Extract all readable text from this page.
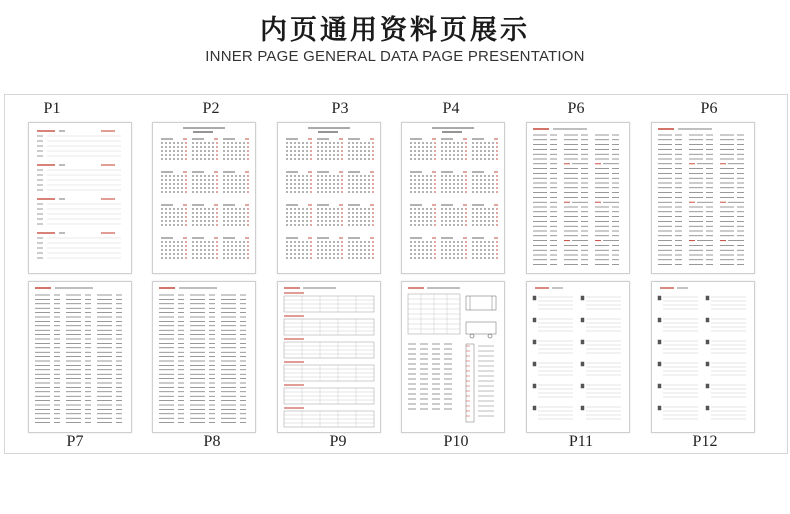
内页通用资料页展示
INNER PAGE GENERAL DATA PAGE PRESENTATION
P1	P2	P3	P4	P6	P6
P7	P8	P9	P10	P11	P12
